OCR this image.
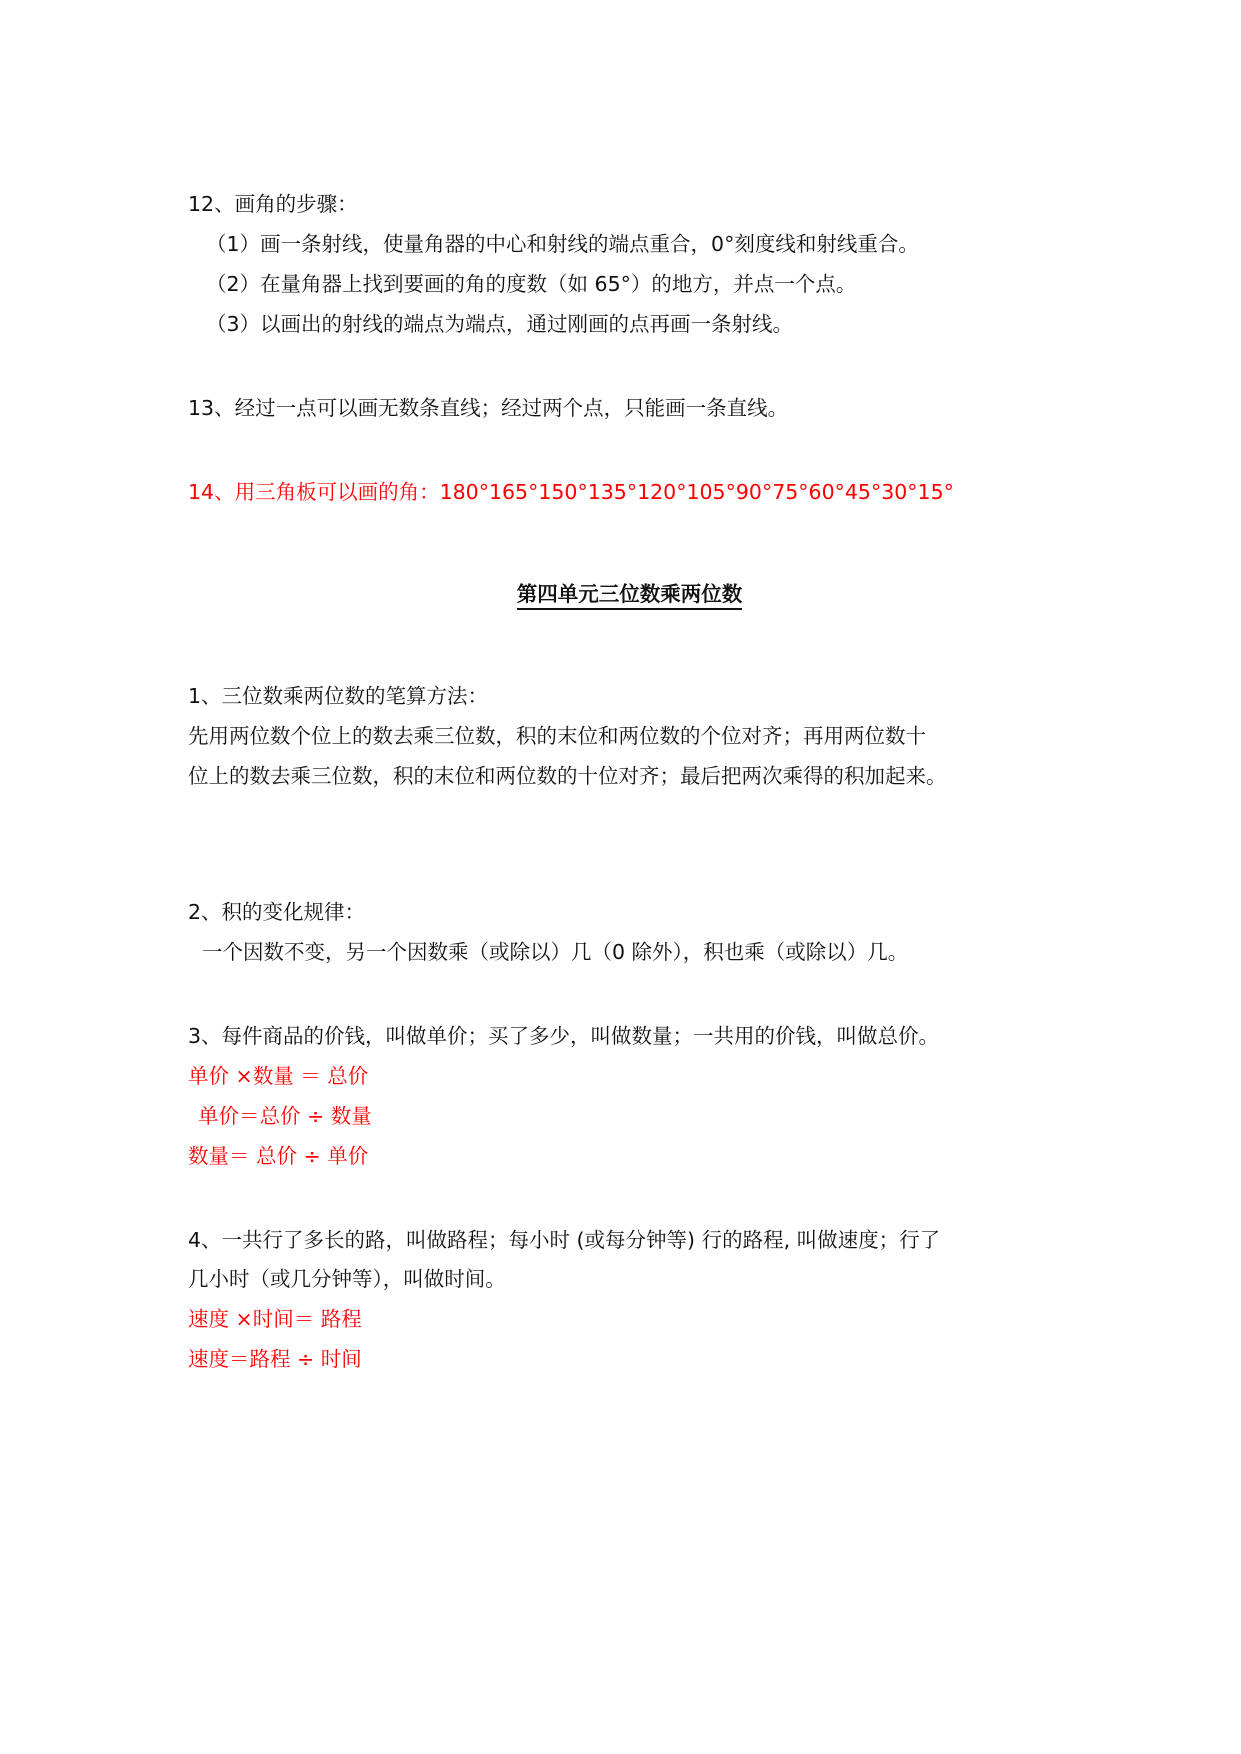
12、画角的步骤：

（1）画一条射线，使量角器的中心和射线的端点重合，0°刻度线和射线重合。

（2）在量角器上找到要画的角的度数（如 65°）的地方，并点一个点。

（3）以画出的射线的端点为端点，通过刚画的点再画一条射线。

13、经过一点可以画无数条直线；经过两个点，只能画一条直线。

14、用三角板可以画的角：180°165°150°135°120°105°90°75°60°45°30°15°

第四单元三位数乘两位数

1、三位数乘两位数的笔算方法：

先用两位数个位上的数去乘三位数，积的末位和两位数的个位对齐；再用两位数十

位上的数去乘三位数，积的末位和两位数的十位对齐；最后把两次乘得的积加起来。

2、积的变化规律：

一个因数不变，另一个因数乘（或除以）几（0 除外），积也乘（或除以）几。

3、每件商品的价钱，叫做单价；买了多少，叫做数量；一共用的价钱，叫做总价。

单价 ×数量 ＝ 总价

单价＝总价 ÷ 数量

数量＝ 总价 ÷ 单价

4、一共行了多长的路，叫做路程；每小时 (或每分钟等) 行的路程, 叫做速度；行了

几小时（或几分钟等），叫做时间。

速度 ×时间＝ 路程

速度＝路程 ÷ 时间
